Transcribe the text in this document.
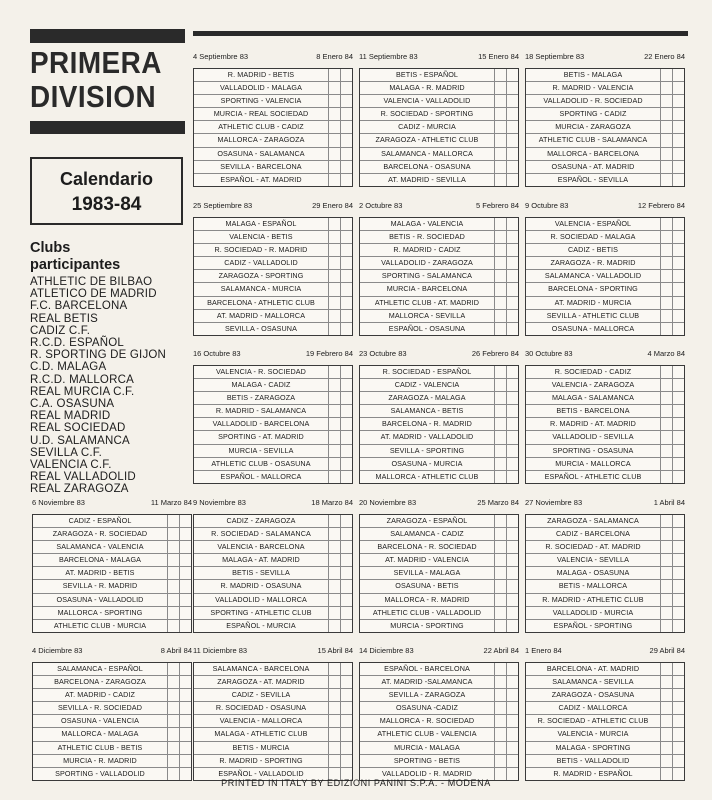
PRIMERA
DIVISION
Calendario
1983-84
Clubs
participantes
ATHLETIC DE BILBAO
ATLETICO DE MADRID
F.C. BARCELONA
REAL BETIS
CADIZ C.F.
R.C.D. ESPAÑOL
R. SPORTING DE GIJON
C.D. MALAGA
R.C.D. MALLORCA
REAL MURCIA C.F.
C.A. OSASUNA
REAL MADRID
REAL SOCIEDAD
U.D. SALAMANCA
SEVILLA C.F.
VALENCIA C.F.
REAL VALLADOLID
REAL ZARAGOZA
4 Septiembre 83	8 Enero 84
R. MADRID - BETIS
VALLADOLID - MALAGA
SPORTING - VALENCIA
MURCIA - REAL SOCIEDAD
ATHLETIC CLUB - CADIZ
MALLORCA - ZARAGOZA
OSASUNA - SALAMANCA
SEVILLA - BARCELONA
ESPAÑOL - AT. MADRID
11 Septiembre 83	15 Enero 84
BETIS - ESPAÑOL
MALAGA - R. MADRID
VALENCIA - VALLADOLID
R. SOCIEDAD - SPORTING
CADIZ - MURCIA
ZARAGOZA - ATHLETIC CLUB
SALAMANCA - MALLORCA
BARCELONA - OSASUNA
AT. MADRID - SEVILLA
18 Septiembre 83	22 Enero 84
BETIS - MALAGA
R. MADRID - VALENCIA
VALLADOLID - R. SOCIEDAD
SPORTING - CADIZ
MURCIA - ZARAGOZA
ATHLETIC CLUB - SALAMANCA
MALLORCA - BARCELONA
OSASUNA - AT. MADRID
ESPAÑOL - SEVILLA
25 Septiembre 83	29 Enero 84
MALAGA - ESPAÑOL
VALENCIA - BETIS
R. SOCIEDAD - R. MADRID
CADIZ - VALLADOLID
ZARAGOZA - SPORTING
SALAMANCA - MURCIA
BARCELONA - ATHLETIC CLUB
AT. MADRID - MALLORCA
SEVILLA - OSASUNA
2 Octubre 83	5 Febrero 84
MALAGA - VALENCIA
BETIS - R. SOCIEDAD
R. MADRID - CADIZ
VALLADOLID - ZARAGOZA
SPORTING - SALAMANCA
MURCIA - BARCELONA
ATHLETIC CLUB - AT. MADRID
MALLORCA - SEVILLA
ESPAÑOL - OSASUNA
9 Octubre 83	12 Febrero 84
VALENCIA - ESPAÑOL
R. SOCIEDAD - MALAGA
CADIZ - BETIS
ZARAGOZA - R. MADRID
SALAMANCA - VALLADOLID
BARCELONA - SPORTING
AT. MADRID - MURCIA
SEVILLA - ATHLETIC CLUB
OSASUNA - MALLORCA
16 Octubre 83	19 Febrero 84
VALENCIA - R. SOCIEDAD
MALAGA - CADIZ
BETIS - ZARAGOZA
R. MADRID - SALAMANCA
VALLADOLID - BARCELONA
SPORTING - AT. MADRID
MURCIA - SEVILLA
ATHLETIC CLUB - OSASUNA
ESPAÑOL - MALLORCA
23 Octubre 83	26 Febrero 84
R. SOCIEDAD - ESPAÑOL
CADIZ - VALENCIA
ZARAGOZA - MALAGA
SALAMANCA - BETIS
BARCELONA - R. MADRID
AT. MADRID - VALLADOLID
SEVILLA - SPORTING
OSASUNA - MURCIA
MALLORCA - ATHLETIC CLUB
30 Octubre 83	4 Marzo 84
R. SOCIEDAD - CADIZ
VALENCIA - ZARAGOZA
MALAGA - SALAMANCA
BETIS - BARCELONA
R. MADRID - AT. MADRID
VALLADOLID - SEVILLA
SPORTING - OSASUNA
MURCIA - MALLORCA
ESPAÑOL - ATHLETIC CLUB
6 Noviembre 83	11 Marzo 84
CADIZ - ESPAÑOL
ZARAGOZA - R. SOCIEDAD
SALAMANCA - VALENCIA
BARCELONA - MALAGA
AT. MADRID - BETIS
SEVILLA - R. MADRID
OSASUNA - VALLADOLID
MALLORCA - SPORTING
ATHLETIC CLUB - MURCIA
9 Noviembre 83	18 Marzo 84
CADIZ - ZARAGOZA
R. SOCIEDAD - SALAMANCA
VALENCIA - BARCELONA
MALAGA - AT. MADRID
BETIS - SEVILLA
R. MADRID - OSASUNA
VALLADOLID - MALLORCA
SPORTING - ATHLETIC CLUB
ESPAÑOL - MURCIA
20 Noviembre 83	25 Marzo 84
ZARAGOZA - ESPAÑOL
SALAMANCA - CADIZ
BARCELONA - R. SOCIEDAD
AT. MADRID - VALENCIA
SEVILLA - MALAGA
OSASUNA - BETIS
MALLORCA - R. MADRID
ATHLETIC CLUB - VALLADOLID
MURCIA - SPORTING
27 Noviembre 83	1 Abril 84
ZARAGOZA - SALAMANCA
CADIZ - BARCELONA
R. SOCIEDAD - AT. MADRID
VALENCIA - SEVILLA
MALAGA - OSASUNA
BETIS - MALLORCA
R. MADRID - ATHLETIC CLUB
VALLADOLID - MURCIA
ESPAÑOL - SPORTING
4 Diciembre 83	8 Abril 84
SALAMANCA - ESPAÑOL
BARCELONA - ZARAGOZA
AT. MADRID - CADIZ
SEVILLA - R. SOCIEDAD
OSASUNA - VALENCIA
MALLORCA - MALAGA
ATHLETIC CLUB - BETIS
MURCIA - R. MADRID
SPORTING - VALLADOLID
11 Diciembre 83	15 Abril 84
SALAMANCA - BARCELONA
ZARAGOZA - AT. MADRID
CADIZ - SEVILLA
R. SOCIEDAD - OSASUNA
VALENCIA - MALLORCA
MALAGA - ATHLETIC CLUB
BETIS - MURCIA
R. MADRID - SPORTING
ESPAÑOL - VALLADOLID
14 Diciembre 83	22 Abril 84
ESPAÑOL - BARCELONA
AT. MADRID -SALAMANCA
SEVILLA - ZARAGOZA
OSASUNA -CADIZ
MALLORCA - R. SOCIEDAD
ATHLETIC CLUB - VALENCIA
MURCIA - MALAGA
SPORTING - BETIS
VALLADOLID - R. MADRID
1 Enero 84	29 Abril 84
BARCELONA - AT. MADRID
SALAMANCA - SEVILLA
ZARAGOZA - OSASUNA
CADIZ - MALLORCA
R. SOCIEDAD - ATHLETIC CLUB
VALENCIA - MURCIA
MALAGA - SPORTING
BETIS - VALLADOLID
R. MADRID - ESPAÑOL
PRINTED IN ITALY BY EDIZIONI PANINI S.P.A. - MODENA
